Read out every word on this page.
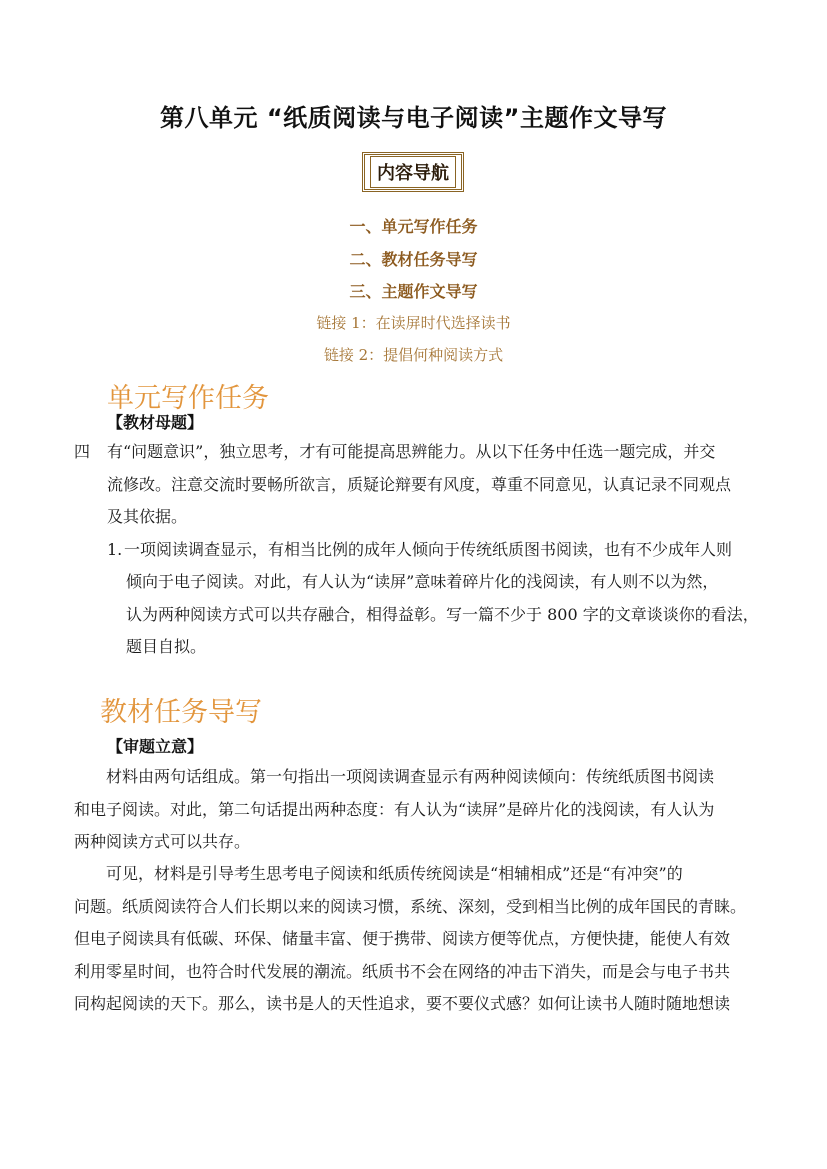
第八单元 “纸质阅读与电子阅读”主题作文导写
内容导航
一、单元写作任务
二、教材任务导写
三、主题作文导写
链接 1：在读屏时代选择读书
链接 2：提倡何种阅读方式
单元写作任务
【教材母题】
四	有“问题意识”，独立思考，才有可能提高思辨能力。从以下任务中任选一题完成，并交
流修改。注意交流时要畅所欲言，质疑论辩要有风度，尊重不同意见，认真记录不同观点
及其依据。
1. 一项阅读调查显示，有相当比例的成年人倾向于传统纸质图书阅读，也有不少成年人则
倾向于电子阅读。对此，有人认为“读屏”意味着碎片化的浅阅读，有人则不以为然，
认为两种阅读方式可以共存融合，相得益彰。写一篇不少于 800 字的文章谈谈你的看法，
题目自拟。
教材任务导写
【审题立意】
材料由两句话组成。第一句指出一项阅读调查显示有两种阅读倾向：传统纸质图书阅读
和电子阅读。对此，第二句话提出两种态度：有人认为“读屏”是碎片化的浅阅读，有人认为
两种阅读方式可以共存。
可见，材料是引导考生思考电子阅读和纸质传统阅读是“相辅相成”还是“有冲突”的
问题。纸质阅读符合人们长期以来的阅读习惯，系统、深刻，受到相当比例的成年国民的青睐。
但电子阅读具有低碳、环保、储量丰富、便于携带、阅读方便等优点，方便快捷，能使人有效
利用零星时间，也符合时代发展的潮流。纸质书不会在网络的冲击下消失，而是会与电子书共
同构起阅读的天下。那么，读书是人的天性追求，要不要仪式感？如何让读书人随时随地想读
